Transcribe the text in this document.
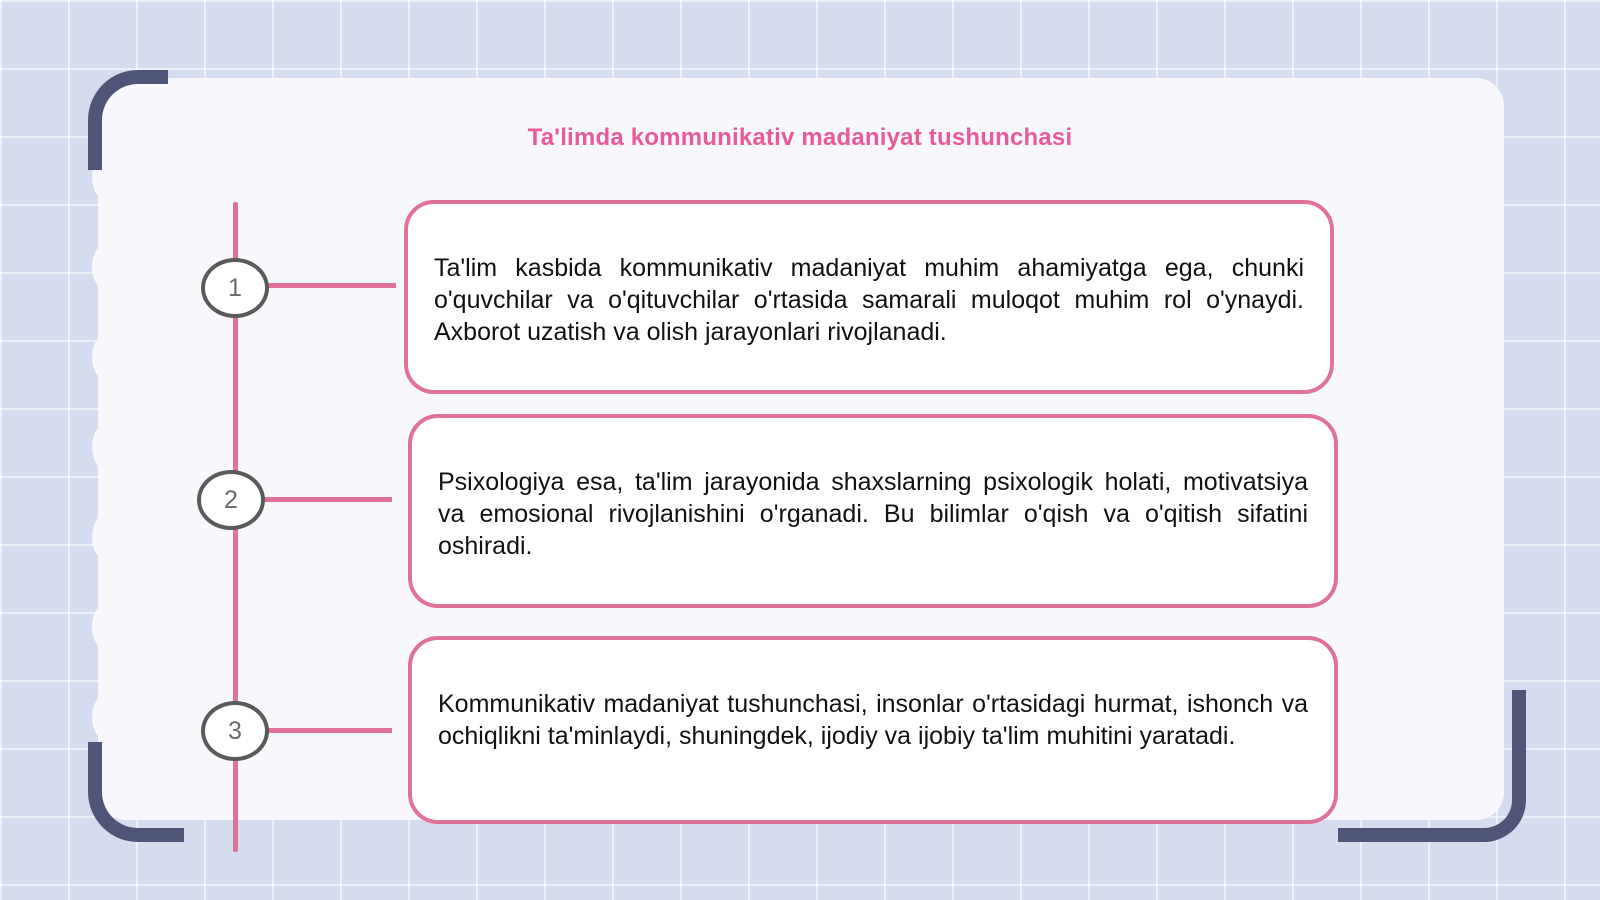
Ta'limda kommunikativ madaniyat tushunchasi
1

Ta'lim kasbida kommunikativ madaniyat muhim ahamiyatga ega, chunki o'quvchilar va o'qituvchilar o'rtasida samarali muloqot muhim rol o'ynaydi. Axborot uzatish va olish jarayonlari rivojlanadi.

2

Psixologiya esa, ta'lim jarayonida shaxslarning psixologik holati, motivatsiya va emosional rivojlanishini o'rganadi. Bu bilimlar o'qish va o'qitish sifatini oshiradi.

3

Kommunikativ madaniyat tushunchasi, insonlar o'rtasidagi hurmat, ishonch va ochiqlikni ta'minlaydi, shuningdek, ijodiy va ijobiy ta'lim muhitini yaratadi.
